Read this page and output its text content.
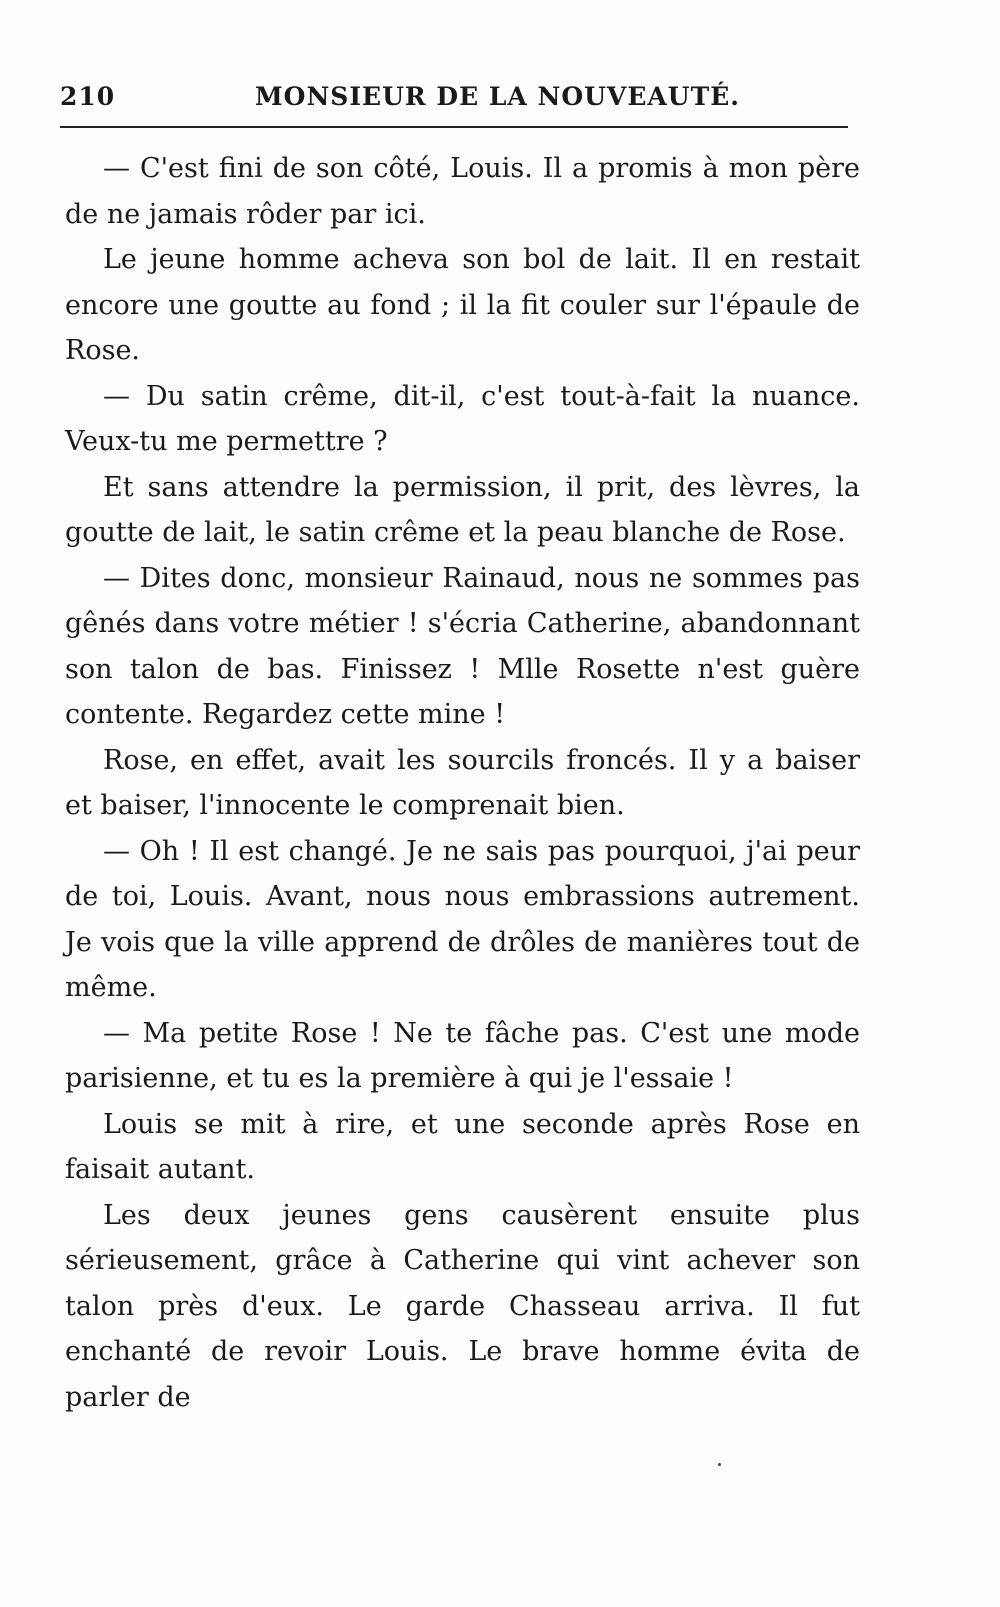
210	MONSIEUR DE LA NOUVEAUTÉ.

— C'est fini de son côté, Louis. Il a promis à mon père de ne jamais rôder par ici.

Le jeune homme acheva son bol de lait. Il en restait encore une goutte au fond ; il la fit couler sur l'épaule de Rose.

— Du satin crême, dit-il, c'est tout-à-fait la nuance. Veux-tu me permettre ?

Et sans attendre la permission, il prit, des lèvres, la goutte de lait, le satin crême et la peau blanche de Rose.

— Dites donc, monsieur Rainaud, nous ne sommes pas gênés dans votre métier ! s'écria Catherine, abandonnant son talon de bas. Finissez ! Mlle Rosette n'est guère contente. Regardez cette mine !

Rose, en effet, avait les sourcils froncés. Il y a baiser et baiser, l'innocente le comprenait bien.

— Oh ! Il est changé. Je ne sais pas pourquoi, j'ai peur de toi, Louis. Avant, nous nous embrassions autrement. Je vois que la ville apprend de drôles de manières tout de même.

— Ma petite Rose ! Ne te fâche pas. C'est une mode parisienne, et tu es la première à qui je l'essaie !

Louis se mit à rire, et une seconde après Rose en faisait autant.

Les deux jeunes gens causèrent ensuite plus sérieusement, grâce à Catherine qui vint achever son talon près d'eux. Le garde Chasseau arriva. Il fut enchanté de revoir Louis. Le brave homme évita de parler de
